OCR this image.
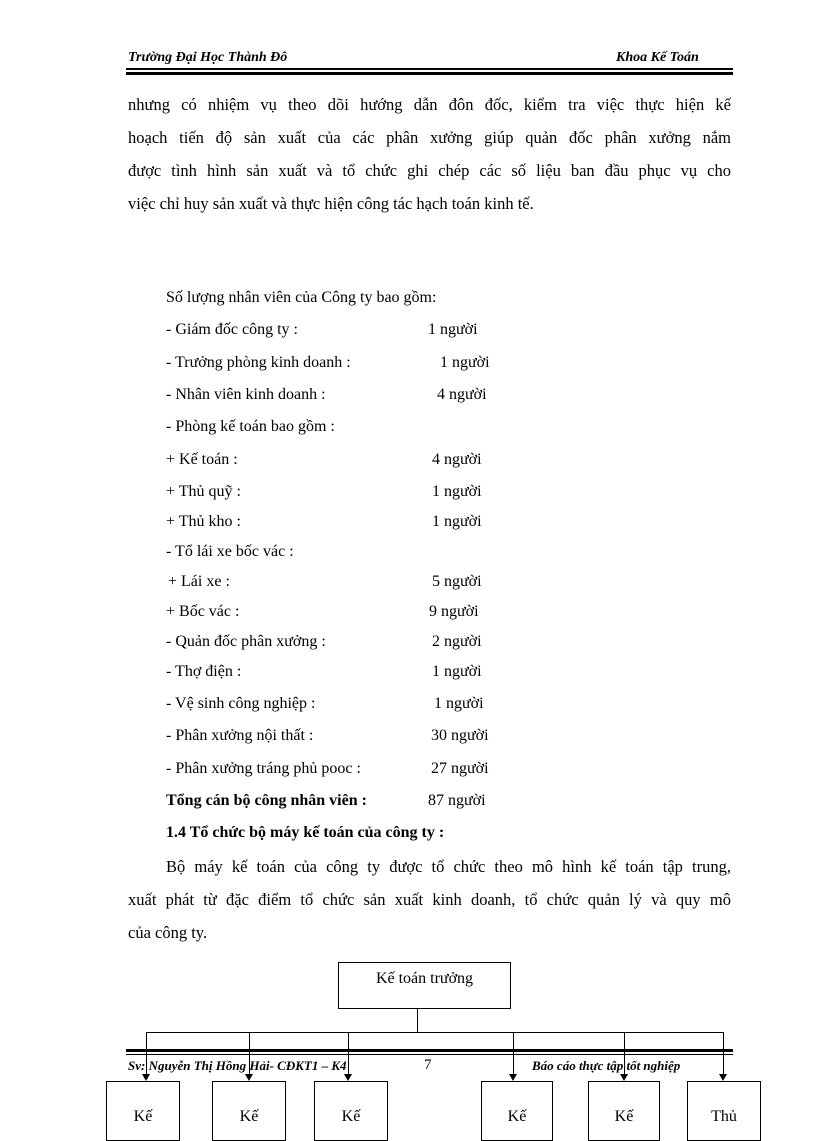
Trường Đại Học Thành Đô	Khoa Kế Toán
nhưng có nhiệm vụ theo dõi hướng dẫn đôn đốc, kiểm tra việc thực hiện kế
hoạch tiến độ sản xuất của các phân xưởng giúp quản đốc phân xưởng nắm
được tình hình sản xuất và tổ chức ghi chép các số liệu ban đầu phục vụ cho
việc chỉ huy sản xuất và thực hiện công tác hạch toán kinh tế.
Số lượng nhân viên của Công ty bao gồm:
- Giám đốc công ty :	1 người
- Trưởng phòng kinh doanh :	1 người
- Nhân viên kinh doanh :	4 người
- Phòng kế toán bao gồm :
+ Kế toán :	4 người
+ Thủ quỹ :	1 người
+ Thủ kho :	1 người
- Tổ lái xe bốc vác :
+ Lái xe :	5 người
+ Bốc vác :	9 người
- Quản đốc phân xưởng :	2 người
- Thợ điện :	1 người
- Vệ sinh công nghiệp :	1 người
- Phân xưởng nội thất :	30 người
- Phân xưởng tráng phủ pooc :	27 người
Tổng cán bộ công nhân viên :	87 người
1.4 Tổ chức bộ máy kế toán của công ty :
Bộ máy kế toán của công ty được tổ chức theo mô hình kế toán tập trung,
xuất phát từ đặc điểm tổ chức sản xuất kinh doanh, tổ chức quản lý và quy mô
của công ty.
Kế toán trưởng
Sv: Nguyễn Thị Hồng Hải- CĐKT1 – K4	7	Báo cáo thực tập tốt nghiệp
Kế	Kế	Kế	Kế	Kế	Thủ
